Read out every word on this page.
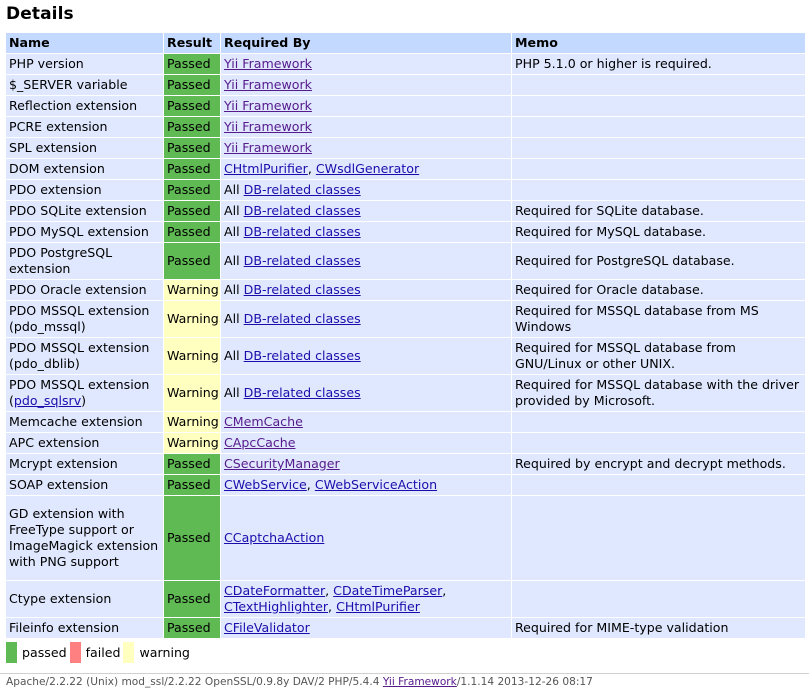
Details
Name	Result	Required By	Memo
PHP version	Passed	Yii Framework	PHP 5.1.0 or higher is required.
$_SERVER variable	Passed	Yii Framework	
Reflection extension	Passed	Yii Framework	
PCRE extension	Passed	Yii Framework	
SPL extension	Passed	Yii Framework	
DOM extension	Passed	CHtmlPurifier, CWsdlGenerator	
PDO extension	Passed	All DB-related classes	
PDO SQLite extension	Passed	All DB-related classes	Required for SQLite database.
PDO MySQL extension	Passed	All DB-related classes	Required for MySQL database.
PDO PostgreSQL extension	Passed	All DB-related classes	Required for PostgreSQL database.
PDO Oracle extension	Warning	All DB-related classes	Required for Oracle database.
PDO MSSQL extension (pdo_mssql)	Warning	All DB-related classes	Required for MSSQL database from MS Windows
PDO MSSQL extension (pdo_dblib)	Warning	All DB-related classes	Required for MSSQL database from GNU/Linux or other UNIX.
PDO MSSQL extension (pdo_sqlsrv)	Warning	All DB-related classes	Required for MSSQL database with the driver provided by Microsoft.
Memcache extension	Warning	CMemCache	
APC extension	Warning	CApcCache	
Mcrypt extension	Passed	CSecurityManager	Required by encrypt and decrypt methods.
SOAP extension	Passed	CWebService, CWebServiceAction	
GD extension with FreeType support or ImageMagick extension with PNG support	Passed	CCaptchaAction	
Ctype extension	Passed	CDateFormatter, CDateTimeParser, CTextHighlighter, CHtmlPurifier	
Fileinfo extension	Passed	CFileValidator	Required for MIME-type validation
passed failed warning
Apache/2.2.22 (Unix) mod_ssl/2.2.22 OpenSSL/0.9.8y DAV/2 PHP/5.4.4 Yii Framework/1.1.14 2013-12-26 08:17
